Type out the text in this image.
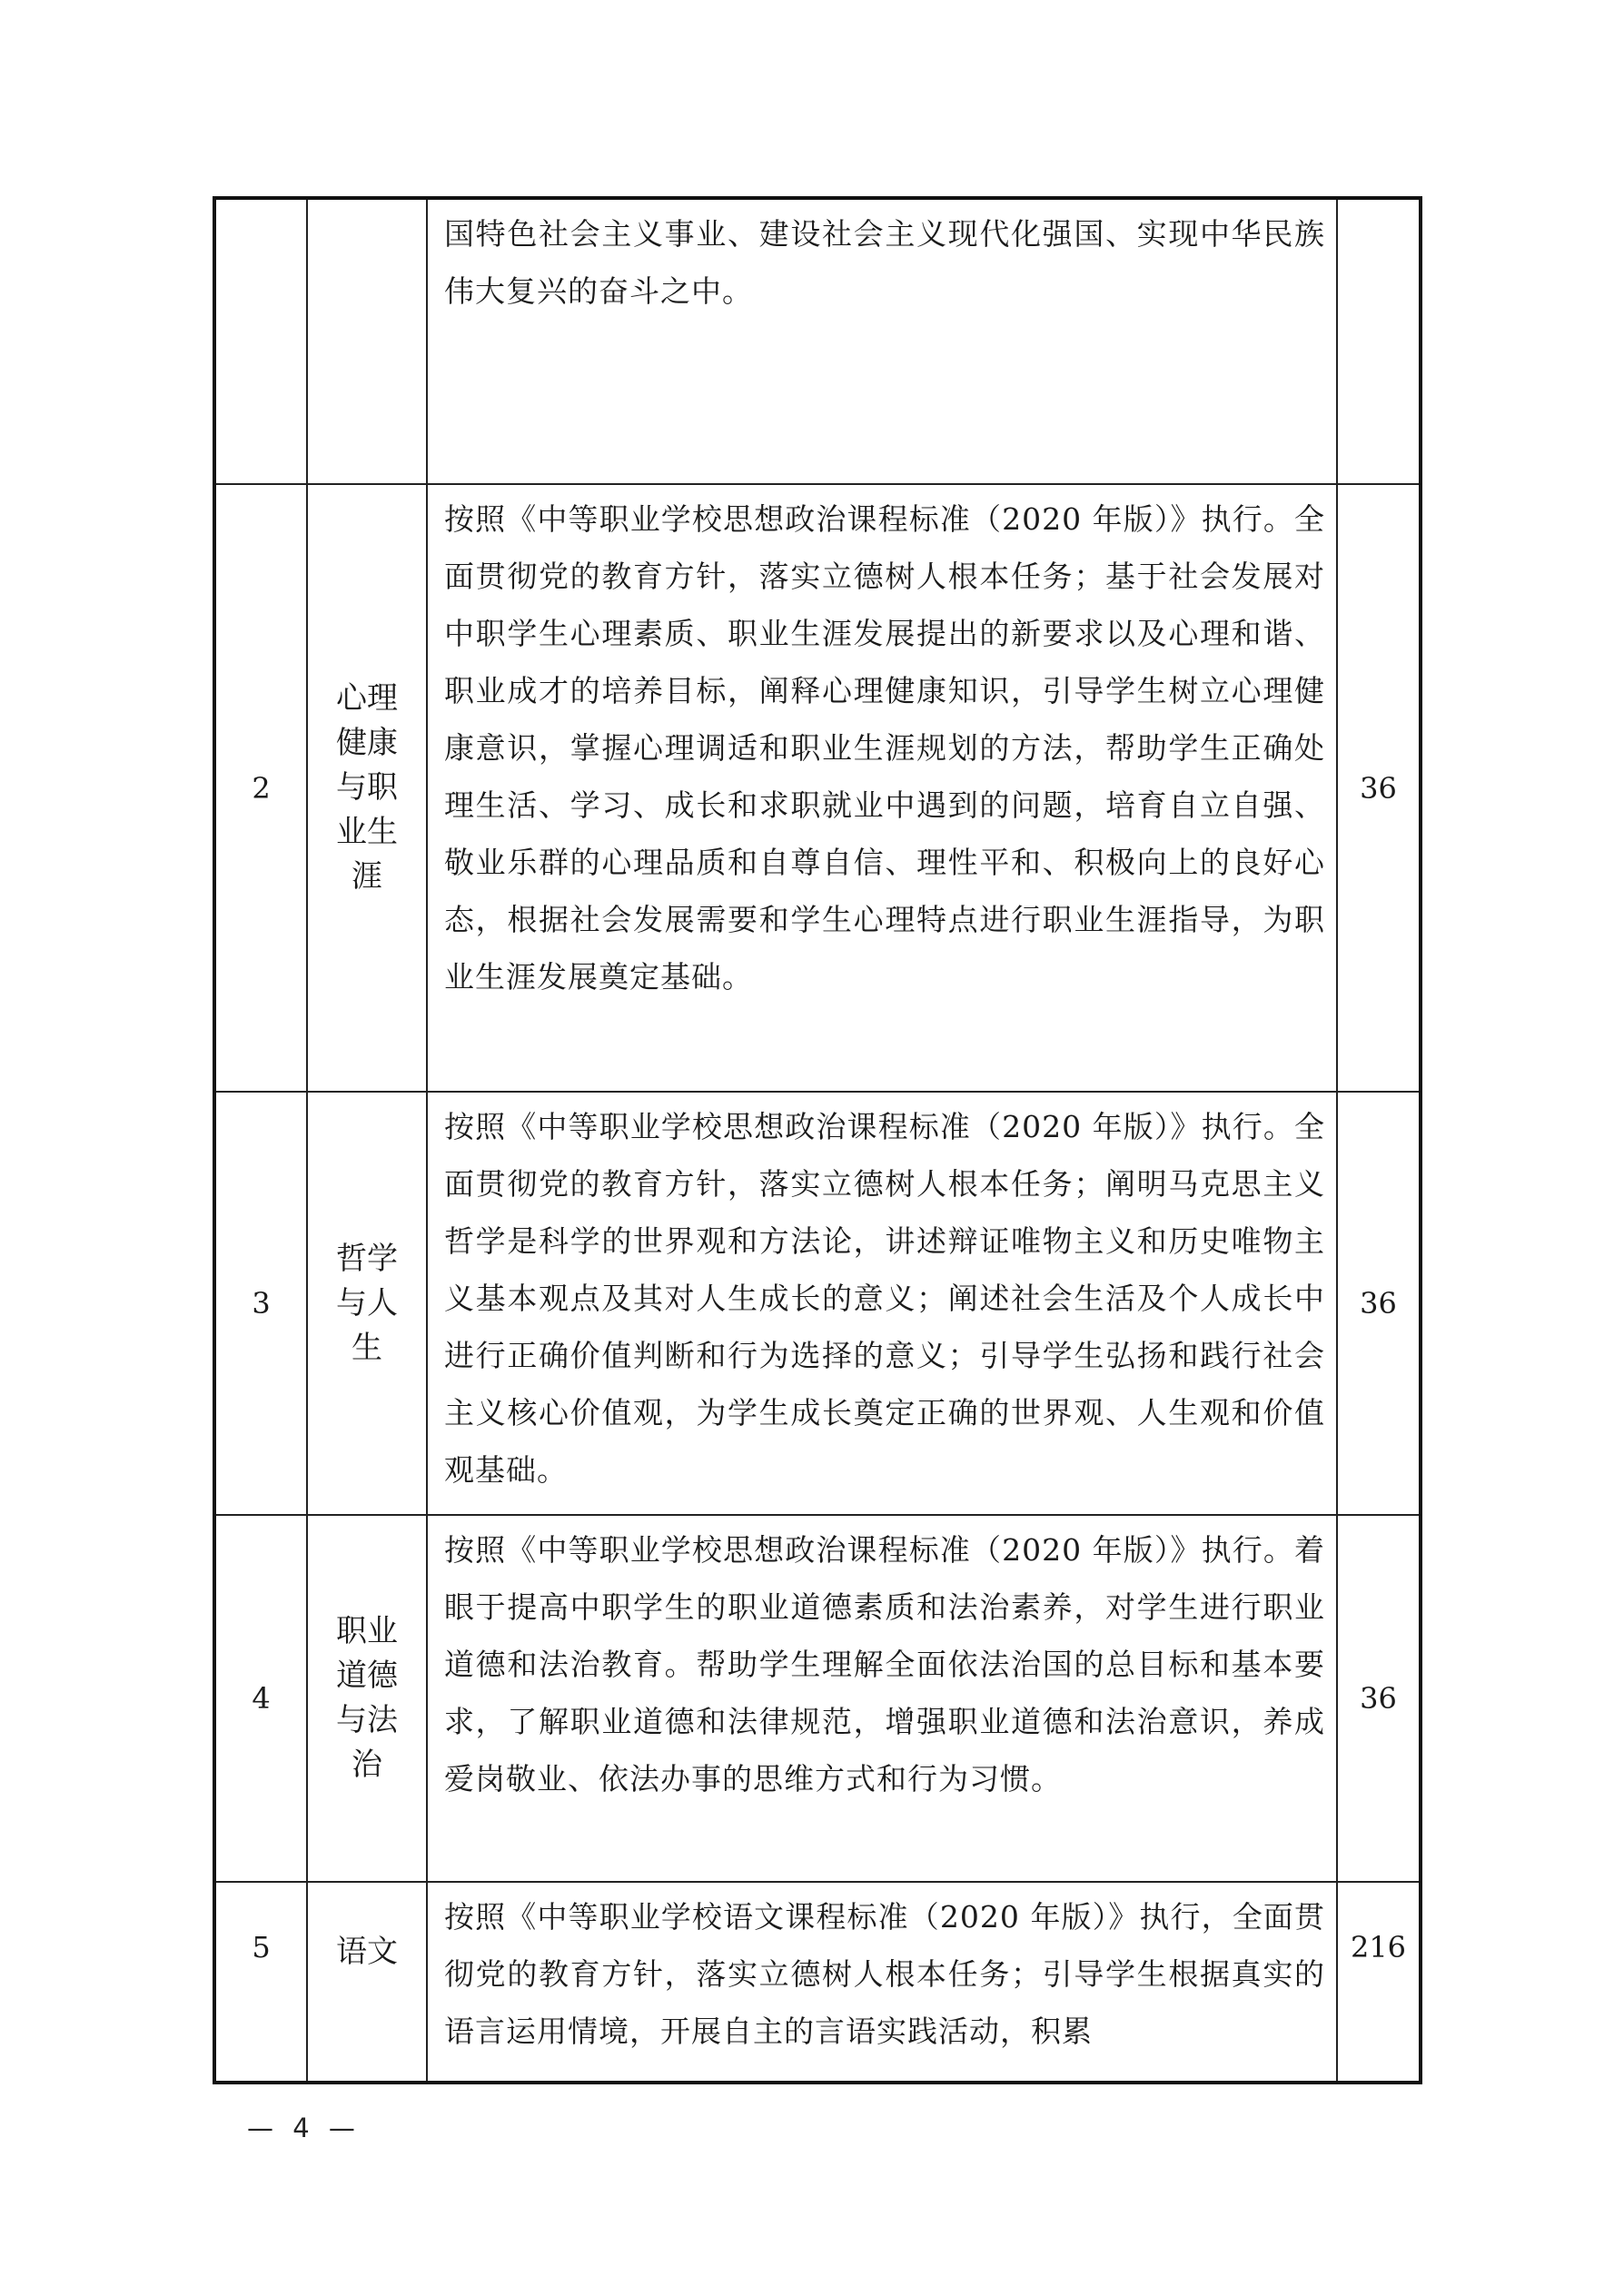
		国特色社会主义事业、建设社会主义现代化强国、实现中华民族伟大复兴的奋斗之中。	
2	心理健康与职业生涯	按照《中等职业学校思想政治课程标准（2020 年版）》执行。全面贯彻党的教育方针，落实立德树人根本任务；基于社会发展对中职学生心理素质、职业生涯发展提出的新要求以及心理和谐、职业成才的培养目标，阐释心理健康知识，引导学生树立心理健康意识，掌握心理调适和职业生涯规划的方法，帮助学生正确处理生活、学习、成长和求职就业中遇到的问题，培育自立自强、敬业乐群的心理品质和自尊自信、理性平和、积极向上的良好心态，根据社会发展需要和学生心理特点进行职业生涯指导，为职业生涯发展奠定基础。	36
3	哲学与人生	按照《中等职业学校思想政治课程标准（2020 年版）》执行。全面贯彻党的教育方针，落实立德树人根本任务；阐明马克思主义哲学是科学的世界观和方法论，讲述辩证唯物主义和历史唯物主义基本观点及其对人生成长的意义；阐述社会生活及个人成长中进行正确价值判断和行为选择的意义；引导学生弘扬和践行社会主义核心价值观，为学生成长奠定正确的世界观、人生观和价值观基础。	36
4	职业道德与法治	按照《中等职业学校思想政治课程标准（2020 年版）》执行。着眼于提高中职学生的职业道德素质和法治素养，对学生进行职业道德和法治教育。帮助学生理解全面依法治国的总目标和基本要求，了解职业道德和法律规范，增强职业道德和法治意识，养成爱岗敬业、依法办事的思维方式和行为习惯。	36
5	语文	按照《中等职业学校语文课程标准（2020 年版）》执行，全面贯彻党的教育方针，落实立德树人根本任务；引导学生根据真实的语言运用情境，开展自主的言语实践活动，积累	216
— 4 —
